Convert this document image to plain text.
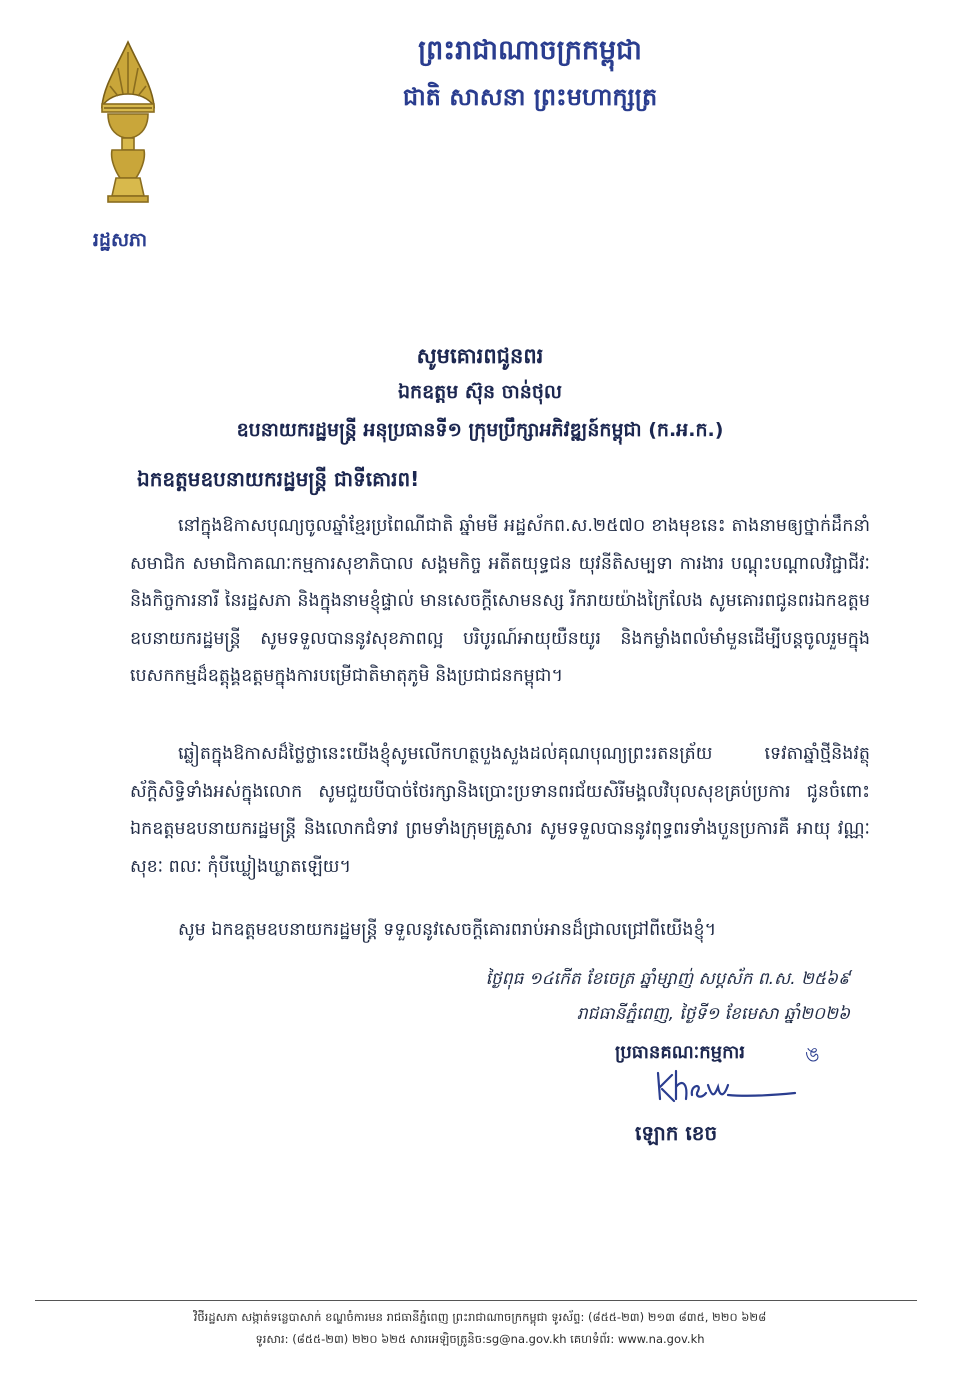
រដ្ឋសភា
ព្រះរាជាណាចក្រកម្ពុជា
ជាតិ សាសនា ព្រះមហាក្សត្រ
សូមគោរពជូនពរ
ឯកឧត្តម ស៊ុន ចាន់ថុល
ឧបនាយករដ្ឋមន្ត្រី អនុប្រធានទី១ ក្រុមប្រឹក្សាអភិវឌ្ឍន៍កម្ពុជា (ក.អ.ក.)
ឯកឧត្តមឧបនាយករដ្ឋមន្ត្រី ជាទីគោរព!
នៅក្នុងឱកាសបុណ្យចូលឆ្នាំខ្មែរប្រពៃណីជាតិ ឆ្នាំមមី អដ្ឋស័កព.ស.២៥៧០ ខាងមុខនេះ តាងនាមឲ្យថ្នាក់ដឹកនាំ សមាជិក សមាជិកាគណៈកម្មការសុខាភិបាល សង្គមកិច្ច អតីតយុទ្ធជន យុវនីតិសម្បទា ការងារ បណ្តុះបណ្តាលវិជ្ជាជីវៈ និងកិច្ចការនារី នៃរដ្ឋសភា និងក្នុងនាមខ្ញុំផ្ទាល់ មានសេចក្តីសោមនស្ស រីករាយយ៉ាងក្រៃលែង សូមគោរពជូនពរឯកឧត្តមឧបនាយករដ្ឋមន្ត្រី សូមទទួលបាននូវសុខភាពល្អ បរិបូរណ៍អាយុយឺនយូរ និងកម្លាំងពលំមាំមួនដើម្បីបន្តចូលរួមក្នុងបេសកកម្មដ៏ឧត្តុង្គឧត្តមក្នុងការបម្រើជាតិមាតុភូមិ និងប្រជាជនកម្ពុជា។
ឆ្លៀតក្នុងឱកាសដ៏ថ្លៃថ្លានេះយើងខ្ញុំសូមលើកហត្ថបួងសួងដល់គុណបុណ្យព្រះរតនត្រ័យ ទេវតាឆ្នាំថ្មីនិងវត្ថុស័ក្តិសិទ្ធិទាំងអស់ក្នុងលោក សូមជួយបីបាច់ថែរក្សានិងប្រោះប្រទានពរជ័យសិរីមង្គលវិបុលសុខគ្រប់ប្រការ ជូនចំពោះឯកឧត្តមឧបនាយករដ្ឋមន្ត្រី និងលោកជំទាវ ព្រមទាំងក្រុមគ្រួសារ សូមទទួលបាននូវពុទ្ធពរទាំងបួនប្រការគឺ អាយុ វណ្ណៈ សុខៈ ពលៈ កុំបីឃ្លៀងឃ្លាតឡើយ។
សូម ឯកឧត្តមឧបនាយករដ្ឋមន្ត្រី ទទួលនូវសេចក្តីគោរពរាប់អានដ៏ជ្រាលជ្រៅពីយើងខ្ញុំ។
ថ្ងៃពុធ ១៤កើត ខែចេត្រ ឆ្នាំម្សាញ់ សប្តស័ក ព.ស. ២៥៦៩
រាជធានីភ្នំពេញ, ថ្ងៃទី១ ខែមេសា ឆ្នាំ២០២៦
ប្រធានគណៈកម្មការ	ঙ
ឡោក ខេច
វិថីរដ្ឋសភា សង្កាត់ទន្លេបាសាក់ ខណ្ឌចំការមន រាជធានីភ្នំពេញ ព្រះរាជាណាចក្រកម្ពុជា ទូរស័ព្ទ: (៨៥៥-២៣) ២១៣ ៨៣៥, ២២០ ៦២៨
ទូរសារ: (៨៥៥-២៣) ២២០ ៦២៥ សារអេឡិចត្រូនិច:sg@na.gov.kh គេហទំព័រ: www.na.gov.kh
